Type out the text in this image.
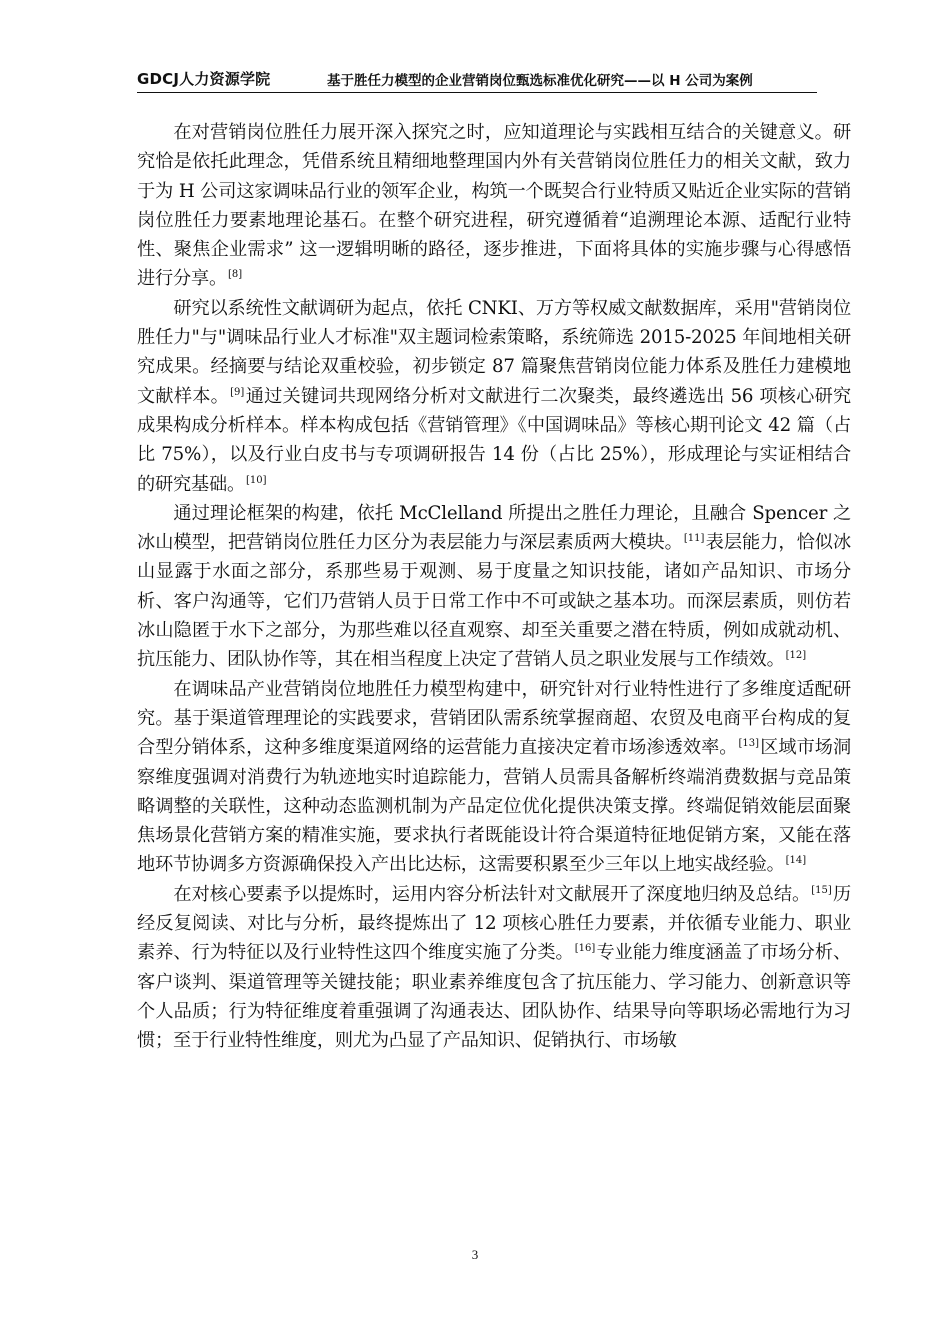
GDCJ人力资源学院	基于胜任力模型的企业营销岗位甄选标准优化研究——以 H 公司为案例

在对营销岗位胜任力展开深入探究之时，应知道理论与实践相互结合的关键意义。研究恰是依托此理念，凭借系统且精细地整理国内外有关营销岗位胜任力的相关文献，致力于为 H 公司这家调味品行业的领军企业，构筑一个既契合行业特质又贴近企业实际的营销岗位胜任力要素地理论基石。在整个研究进程，研究遵循着“追溯理论本源、适配行业特性、聚焦企业需求” 这一逻辑明晰的路径，逐步推进，下面将具体的实施步骤与心得感悟进行分享。[8]

研究以系统性文献调研为起点，依托 CNKI、万方等权威文献数据库，采用"营销岗位胜任力"与"调味品行业人才标准"双主题词检索策略，系统筛选 2015-2025 年间地相关研究成果。经摘要与结论双重校验，初步锁定 87 篇聚焦营销岗位能力体系及胜任力建模地文献样本。[9]通过关键词共现网络分析对文献进行二次聚类，最终遴选出 56 项核心研究成果构成分析样本。样本构成包括《营销管理》《中国调味品》等核心期刊论文 42 篇（占比 75%），以及行业白皮书与专项调研报告 14 份（占比 25%），形成理论与实证相结合的研究基础。[10]

通过理论框架的构建，依托 McClelland 所提出之胜任力理论，且融合 Spencer 之冰山模型，把营销岗位胜任力区分为表层能力与深层素质两大模块。[11]表层能力，恰似冰山显露于水面之部分，系那些易于观测、易于度量之知识技能，诸如产品知识、市场分析、客户沟通等，它们乃营销人员于日常工作中不可或缺之基本功。而深层素质，则仿若冰山隐匿于水下之部分，为那些难以径直观察、却至关重要之潜在特质，例如成就动机、抗压能力、团队协作等，其在相当程度上决定了营销人员之职业发展与工作绩效。[12]

在调味品产业营销岗位地胜任力模型构建中，研究针对行业特性进行了多维度适配研究。基于渠道管理理论的实践要求，营销团队需系统掌握商超、农贸及电商平台构成的复合型分销体系，这种多维度渠道网络的运营能力直接决定着市场渗透效率。[13]区域市场洞察维度强调对消费行为轨迹地实时追踪能力，营销人员需具备解析终端消费数据与竞品策略调整的关联性，这种动态监测机制为产品定位优化提供决策支撑。终端促销效能层面聚焦场景化营销方案的精准实施，要求执行者既能设计符合渠道特征地促销方案，又能在落地环节协调多方资源确保投入产出比达标，这需要积累至少三年以上地实战经验。[14]

在对核心要素予以提炼时，运用内容分析法针对文献展开了深度地归纳及总结。[15]历经反复阅读、对比与分析，最终提炼出了 12 项核心胜任力要素，并依循专业能力、职业素养、行为特征以及行业特性这四个维度实施了分类。[16]专业能力维度涵盖了市场分析、客户谈判、渠道管理等关键技能；职业素养维度包含了抗压能力、学习能力、创新意识等个人品质；行为特征维度着重强调了沟通表达、团队协作、结果导向等职场必需地行为习惯；至于行业特性维度，则尤为凸显了产品知识、促销执行、市场敏

3
